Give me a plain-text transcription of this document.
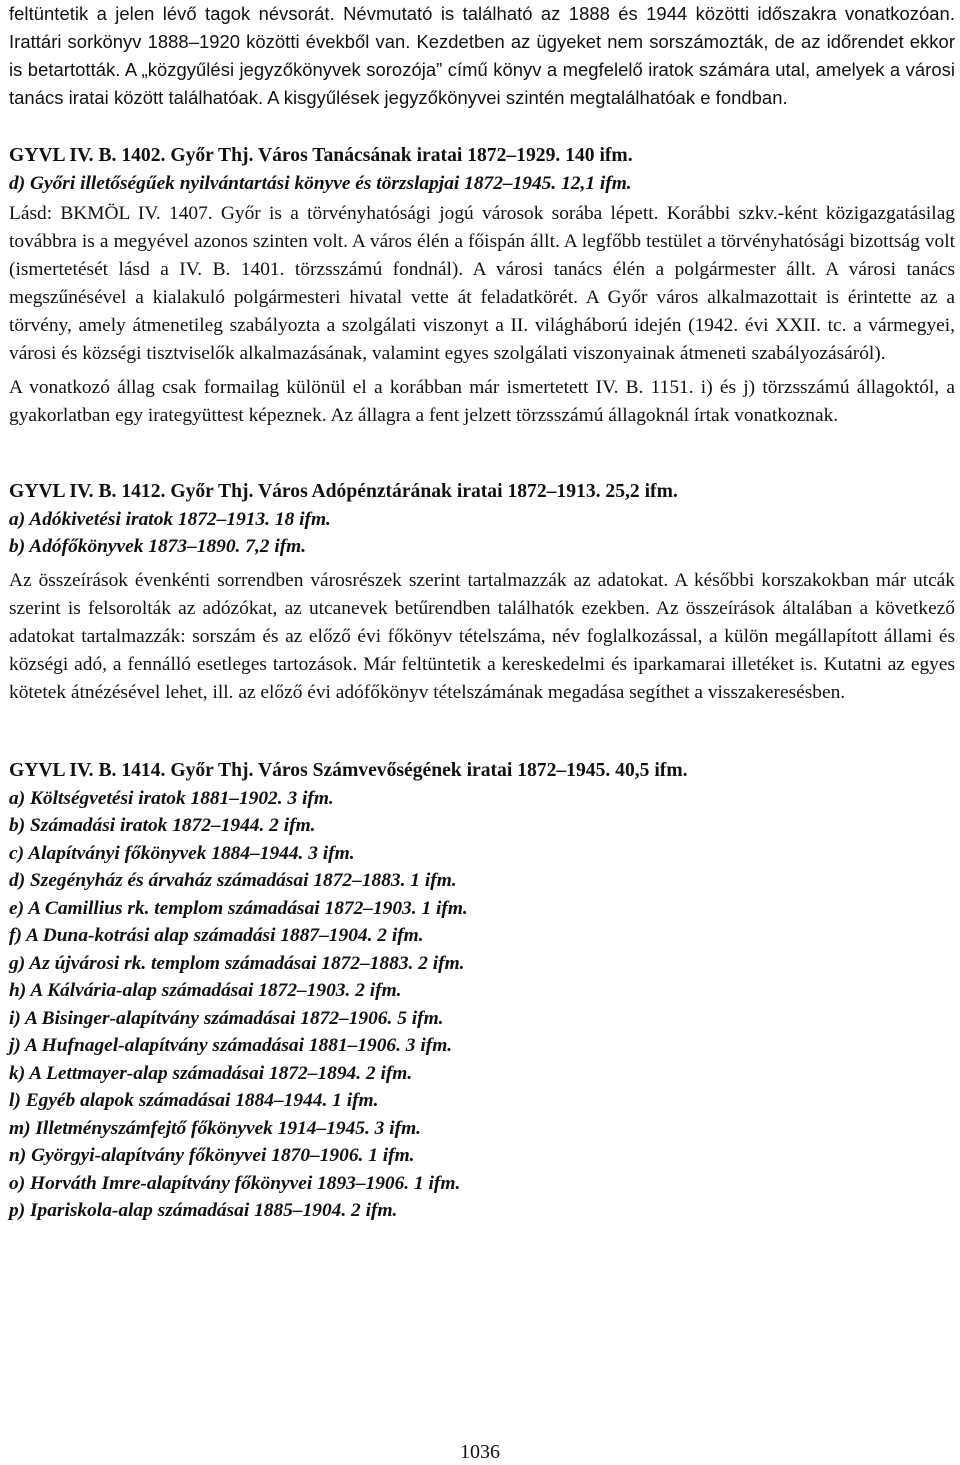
feltüntetik a jelen lévő tagok névsorát. Névmutató is található az 1888 és 1944 közötti időszakra vonatkozóan. Irattári sorkönyv 1888–1920 közötti évekből van. Kezdetben az ügyeket nem sorszámozták, de az időrendet ekkor is betartották. A „közgyűlési jegyzőkönyvek sorozója” című könyv a megfelelő iratok számára utal, amelyek a városi tanács iratai között találhatóak. A kisgyűlések jegyzőkönyvei szintén megtalálhatóak e fondban.

GYVL IV. B. 1402. Győr Thj. Város Tanácsának iratai 1872–1929. 140 ifm.

d) Győri illetőségűek nyilvántartási könyve és törzslapjai 1872–1945. 12,1 ifm.

Lásd: BKMÖL IV. 1407. Győr is a törvényhatósági jogú városok sorába lépett. Korábbi szkv.-ként közigazgatásilag továbbra is a megyével azonos szinten volt. A város élén a főispán állt. A legfőbb testület a törvényhatósági bizottság volt (ismertetését lásd a IV. B. 1401. törzsszámú fondnál). A városi tanács élén a polgármester állt. A városi tanács megszűnésével a kialakuló polgármesteri hivatal vette át feladatkörét. A Győr város alkalmazottait is érintette az a törvény, amely átmenetileg szabályozta a szolgálati viszonyt a II. világháború idején (1942. évi XXII. tc. a vármegyei, városi és községi tisztviselők alkalmazásának, valamint egyes szolgálati viszonyainak átmeneti szabályozásáról).

A vonatkozó állag csak formailag különül el a korábban már ismertetett IV. B. 1151. i) és j) törzsszámú állagoktól, a gyakorlatban egy irategyüttest képeznek. Az állagra a fent jelzett törzsszámú állagoknál írtak vonatkoznak.

GYVL IV. B. 1412. Győr Thj. Város Adópénztárának iratai 1872–1913. 25,2 ifm.

a) Adókivetési iratok 1872–1913. 18 ifm.

b) Adófőkönyvek 1873–1890. 7,2 ifm.

Az összeírások évenkénti sorrendben városrészek szerint tartalmazzák az adatokat. A későbbi korszakokban már utcák szerint is felsorolták az adózókat, az utcanevek betűrendben találhatók ezekben. Az összeírások általában a következő adatokat tartalmazzák: sorszám és az előző évi főkönyv tételszáma, név foglalkozással, a külön megállapított állami és községi adó, a fennálló esetleges tartozások. Már feltüntetik a kereskedelmi és iparkamarai illetéket is. Kutatni az egyes kötetek átnézésével lehet, ill. az előző évi adófőkönyv tételszámának megadása segíthet a visszakeresésben.

GYVL IV. B. 1414. Győr Thj. Város Számvevőségének iratai 1872–1945. 40,5 ifm.

a) Költségvetési iratok 1881–1902. 3 ifm.

b) Számadási iratok 1872–1944. 2 ifm.

c) Alapítványi főkönyvek 1884–1944. 3 ifm.

d) Szegényház és árvaház számadásai 1872–1883. 1 ifm.

e) A Camillius rk. templom számadásai 1872–1903. 1 ifm.

f) A Duna-kotrási alap számadási 1887–1904. 2 ifm.

g) Az újvárosi rk. templom számadásai 1872–1883. 2 ifm.

h) A Kálvária-alap számadásai 1872–1903. 2 ifm.

i) A Bisinger-alapítvány számadásai 1872–1906. 5 ifm.

j) A Hufnagel-alapítvány számadásai 1881–1906. 3 ifm.

k) A Lettmayer-alap számadásai 1872–1894. 2 ifm.

l) Egyéb alapok számadásai 1884–1944. 1 ifm.

m) Illetményszámfejtő főkönyvek 1914–1945. 3 ifm.

n) Györgyi-alapítvány főkönyvei 1870–1906. 1 ifm.

o) Horváth Imre-alapítvány főkönyvei 1893–1906. 1 ifm.

p) Ipariskola-alap számadásai 1885–1904. 2 ifm.

1036
